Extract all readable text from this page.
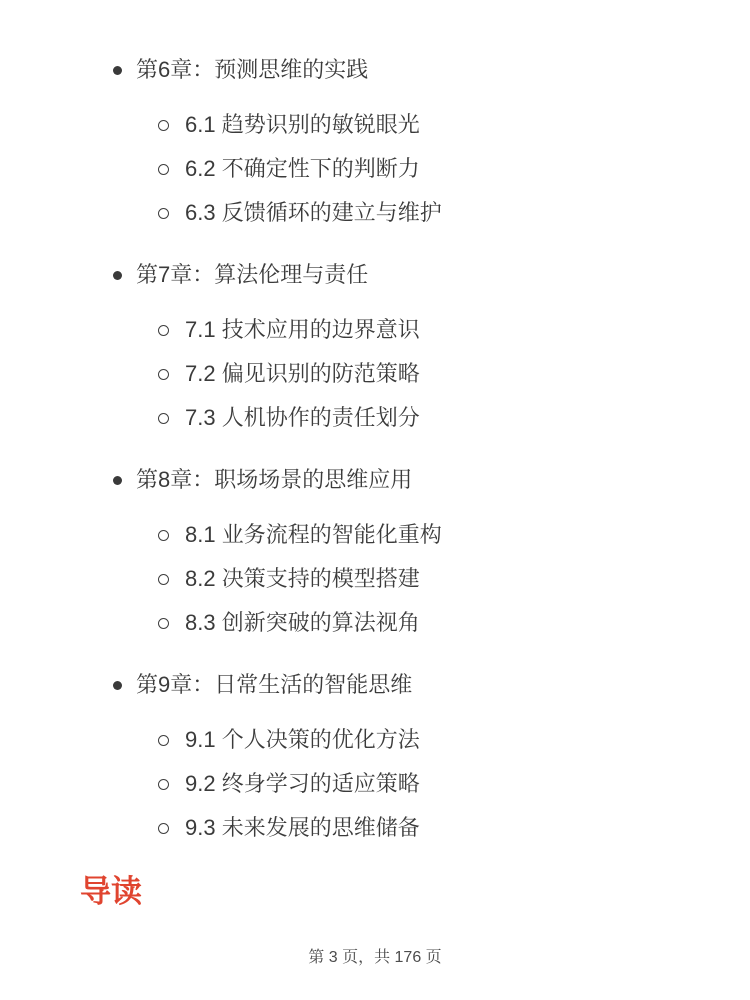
第6章：预测思维的实践
6.1 趋势识别的敏锐眼光
6.2 不确定性下的判断力
6.3 反馈循环的建立与维护
第7章：算法伦理与责任
7.1 技术应用的边界意识
7.2 偏见识别的防范策略
7.3 人机协作的责任划分
第8章：职场场景的思维应用
8.1 业务流程的智能化重构
8.2 决策支持的模型搭建
8.3 创新突破的算法视角
第9章：日常生活的智能思维
9.1 个人决策的优化方法
9.2 终身学习的适应策略
9.3 未来发展的思维储备
导读
第 3 页，共 176 页
